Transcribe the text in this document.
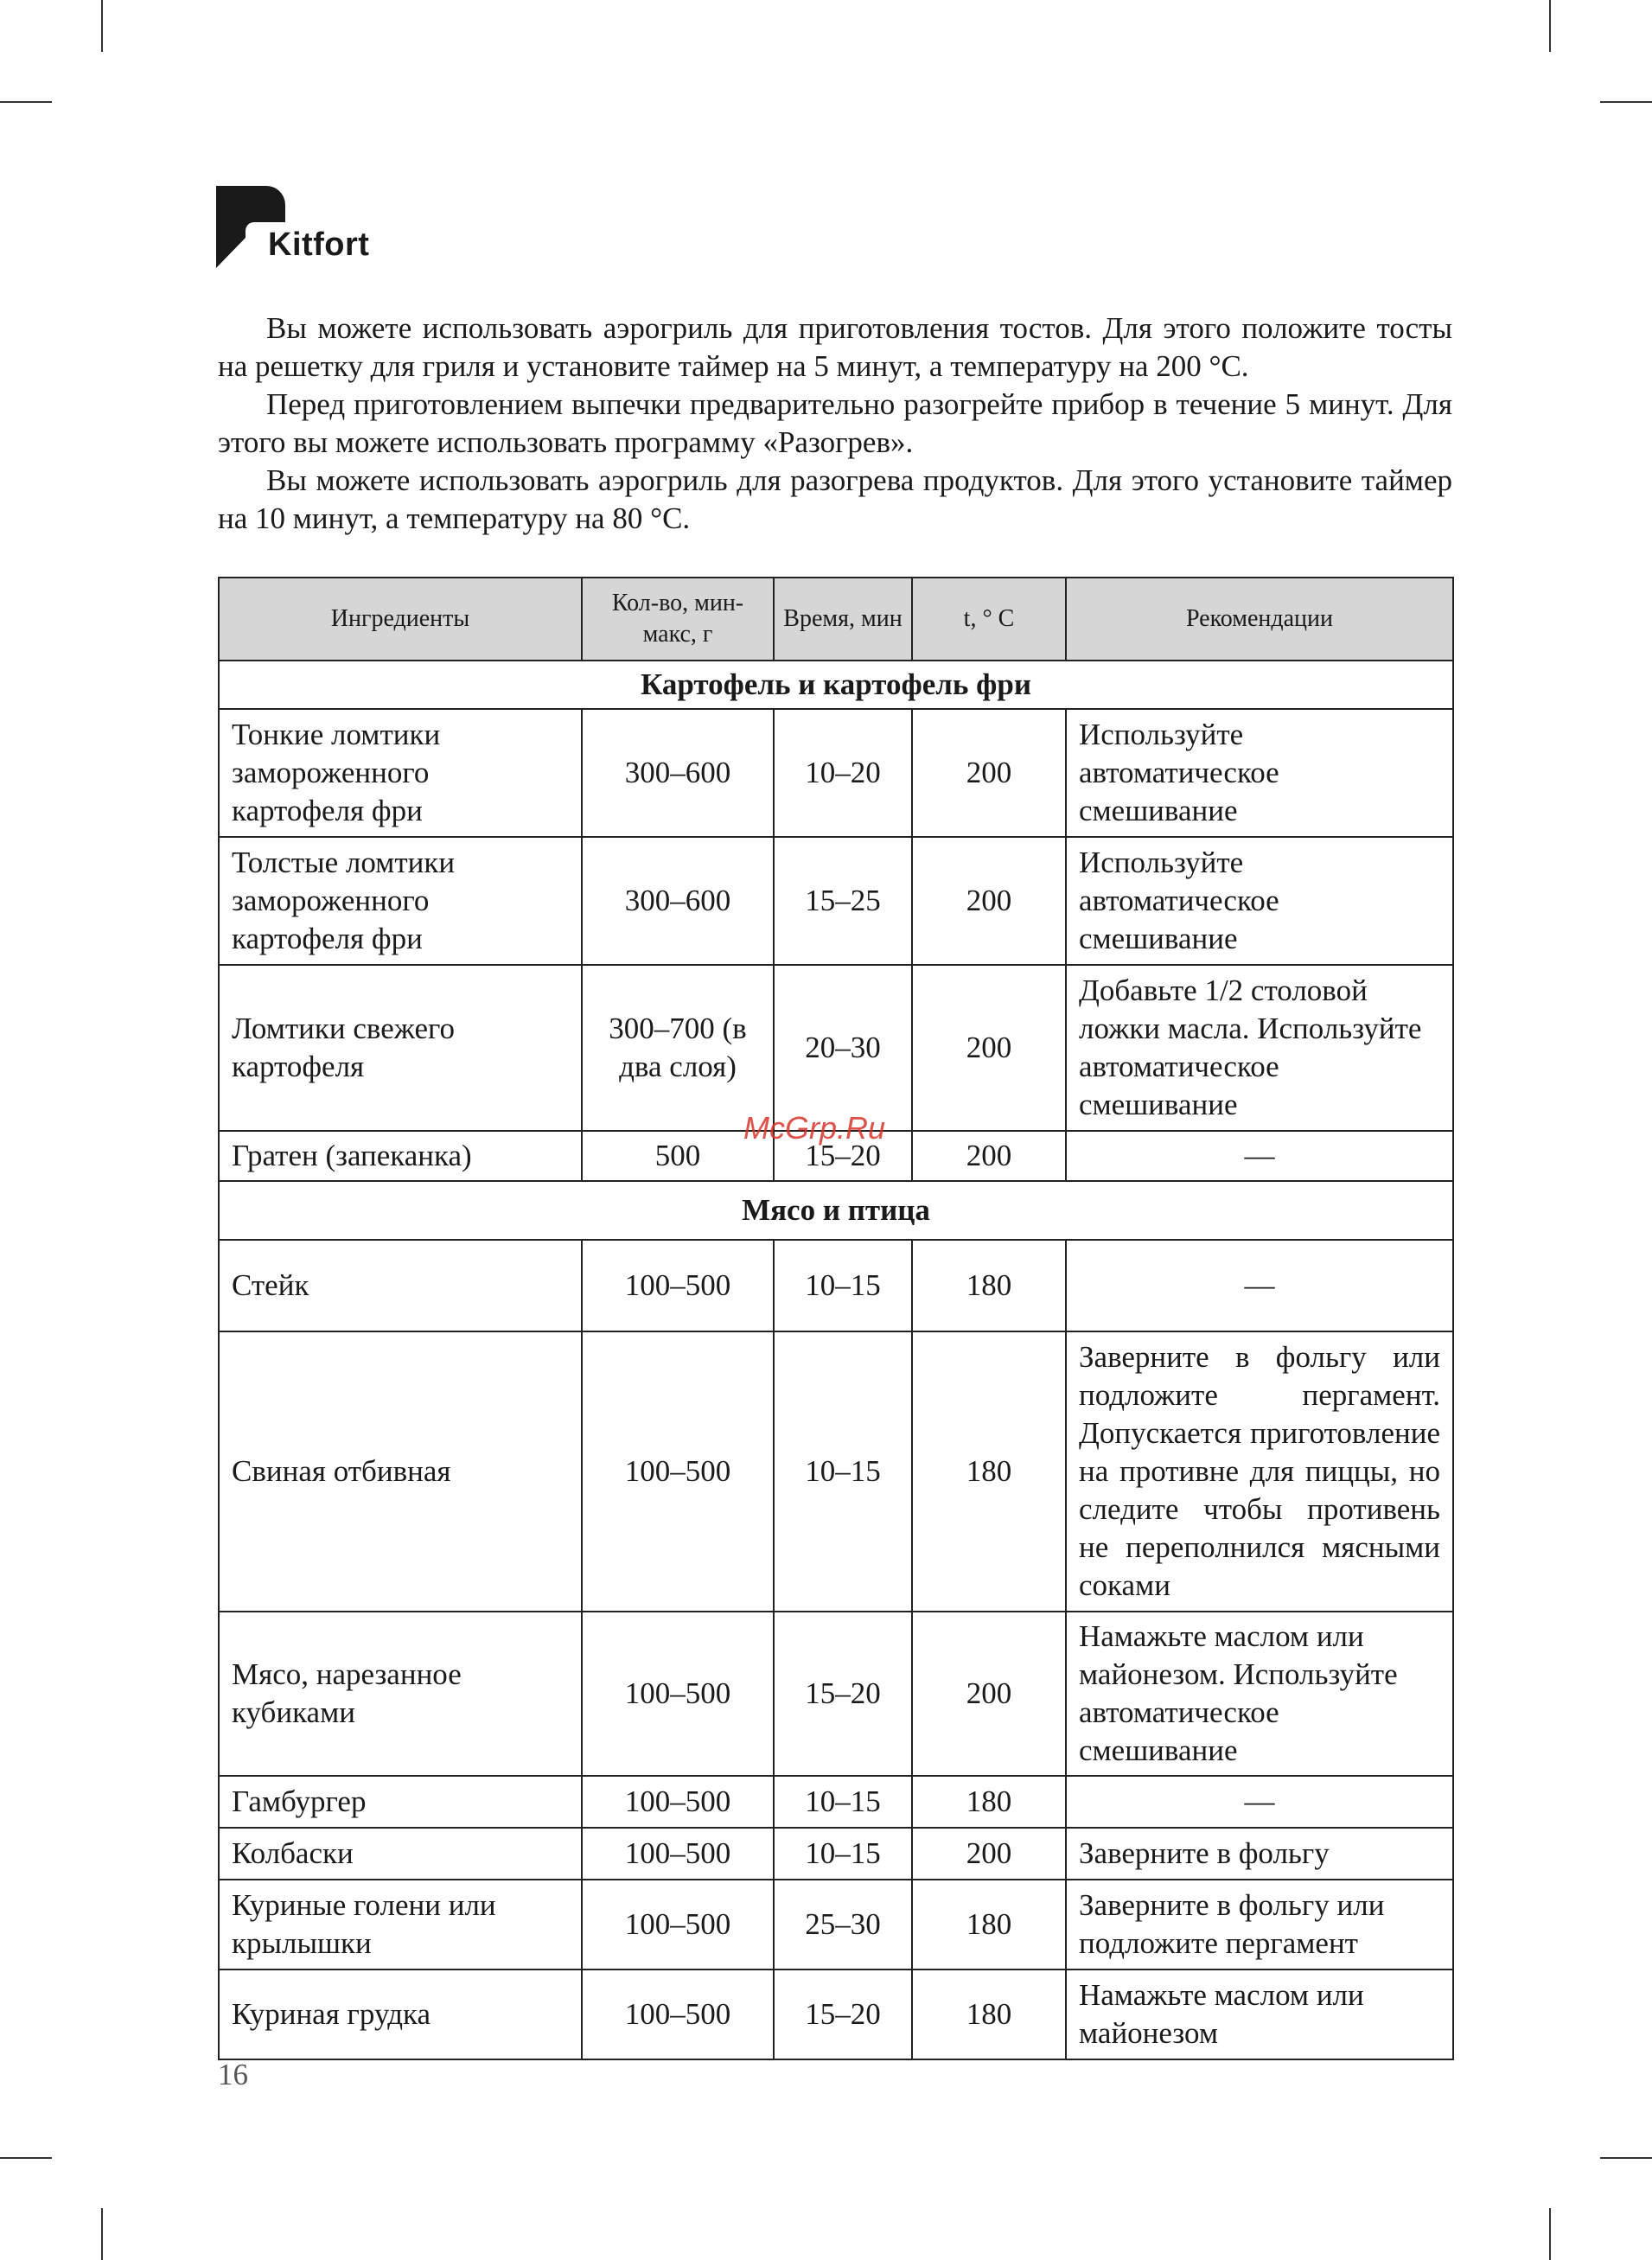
Kitfort

Вы можете использовать аэрогриль для приготовления тостов. Для этого положите тосты на решетку для гриля и установите таймер на 5 минут, а температуру на 200 °C.

Перед приготовлением выпечки предварительно разогрейте прибор в течение 5 минут. Для этого вы можете использовать программу «Разогрев».

Вы можете использовать аэрогриль для разогрева продуктов. Для этого установите таймер на 10 минут, а температуру на 80 °C.

Ингредиенты	Кол-во, мин-макс, г	Время, мин	t, ° C	Рекомендации
Картофель и картофель фри				
Тонкие ломтики замороженного картофеля фри	300–600	10–20	200	Используйте автоматическое смешивание
Толстые ломтики замороженного картофеля фри	300–600	15–25	200	Используйте автоматическое смешивание
Ломтики свежего картофеля	300–700 (в два слоя)	20–30	200	Добавьте 1/2 столовой ложки масла. Используйте автоматическое смешивание
Гратен (запеканка)	500	15–20	200	—
Мясо и птица				
Стейк	100–500	10–15	180	—
Свиная отбивная	100–500	10–15	180	Заверните в фольгу или подложите пергамент. Допускается приготовление на противне для пиццы, но следите чтобы противень не переполнился мясными соками
Мясо, нарезанное кубиками	100–500	15–20	200	Намажьте маслом или майонезом. Используйте автоматическое смешивание
Гамбургер	100–500	10–15	180	—
Колбаски	100–500	10–15	200	Заверните в фольгу
Куриные голени или крылышки	100–500	25–30	180	Заверните в фольгу или подложите пергамент
Куриная грудка	100–500	15–20	180	Намажьте маслом или майонезом
McGrp.Ru
16
